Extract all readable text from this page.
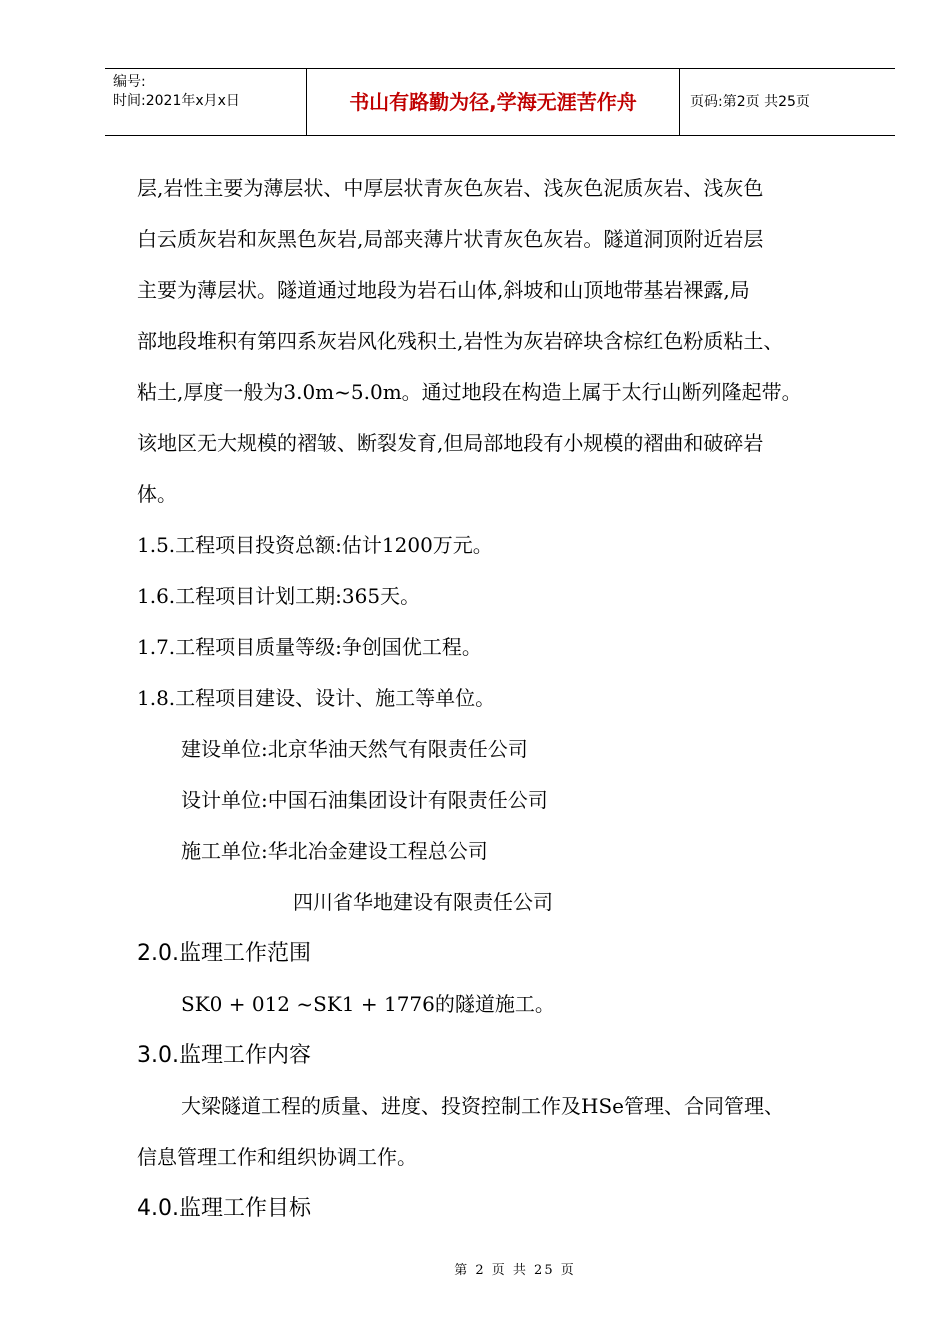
编号:
时间:2021年x月x日	书山有路勤为径,学海无涯苦作舟	页码:第2页 共25页
层,岩性主要为薄层状、中厚层状青灰色灰岩、浅灰色泥质灰岩、浅灰色
白云质灰岩和灰黑色灰岩,局部夹薄片状青灰色灰岩。隧道洞顶附近岩层
主要为薄层状。隧道通过地段为岩石山体,斜坡和山顶地带基岩裸露,局
部地段堆积有第四系灰岩风化残积土,岩性为灰岩碎块含棕红色粉质粘土、
粘土,厚度一般为3.0m~5.0m。通过地段在构造上属于太行山断列隆起带。
该地区无大规模的褶皱、断裂发育,但局部地段有小规模的褶曲和破碎岩
体。
1.5.工程项目投资总额:估计1200万元。
1.6.工程项目计划工期:365天。
1.7.工程项目质量等级:争创国优工程。
1.8.工程项目建设、设计、施工等单位。
建设单位:北京华油天然气有限责任公司
设计单位:中国石油集团设计有限责任公司
施工单位:华北冶金建设工程总公司
四川省华地建设有限责任公司
2.0.监理工作范围
SK0 + 012 ~SK1 + 1776的隧道施工。
3.0.监理工作内容
大梁隧道工程的质量、进度、投资控制工作及HSe管理、合同管理、
信息管理工作和组织协调工作。
4.0.监理工作目标
第 2 页 共 25 页
